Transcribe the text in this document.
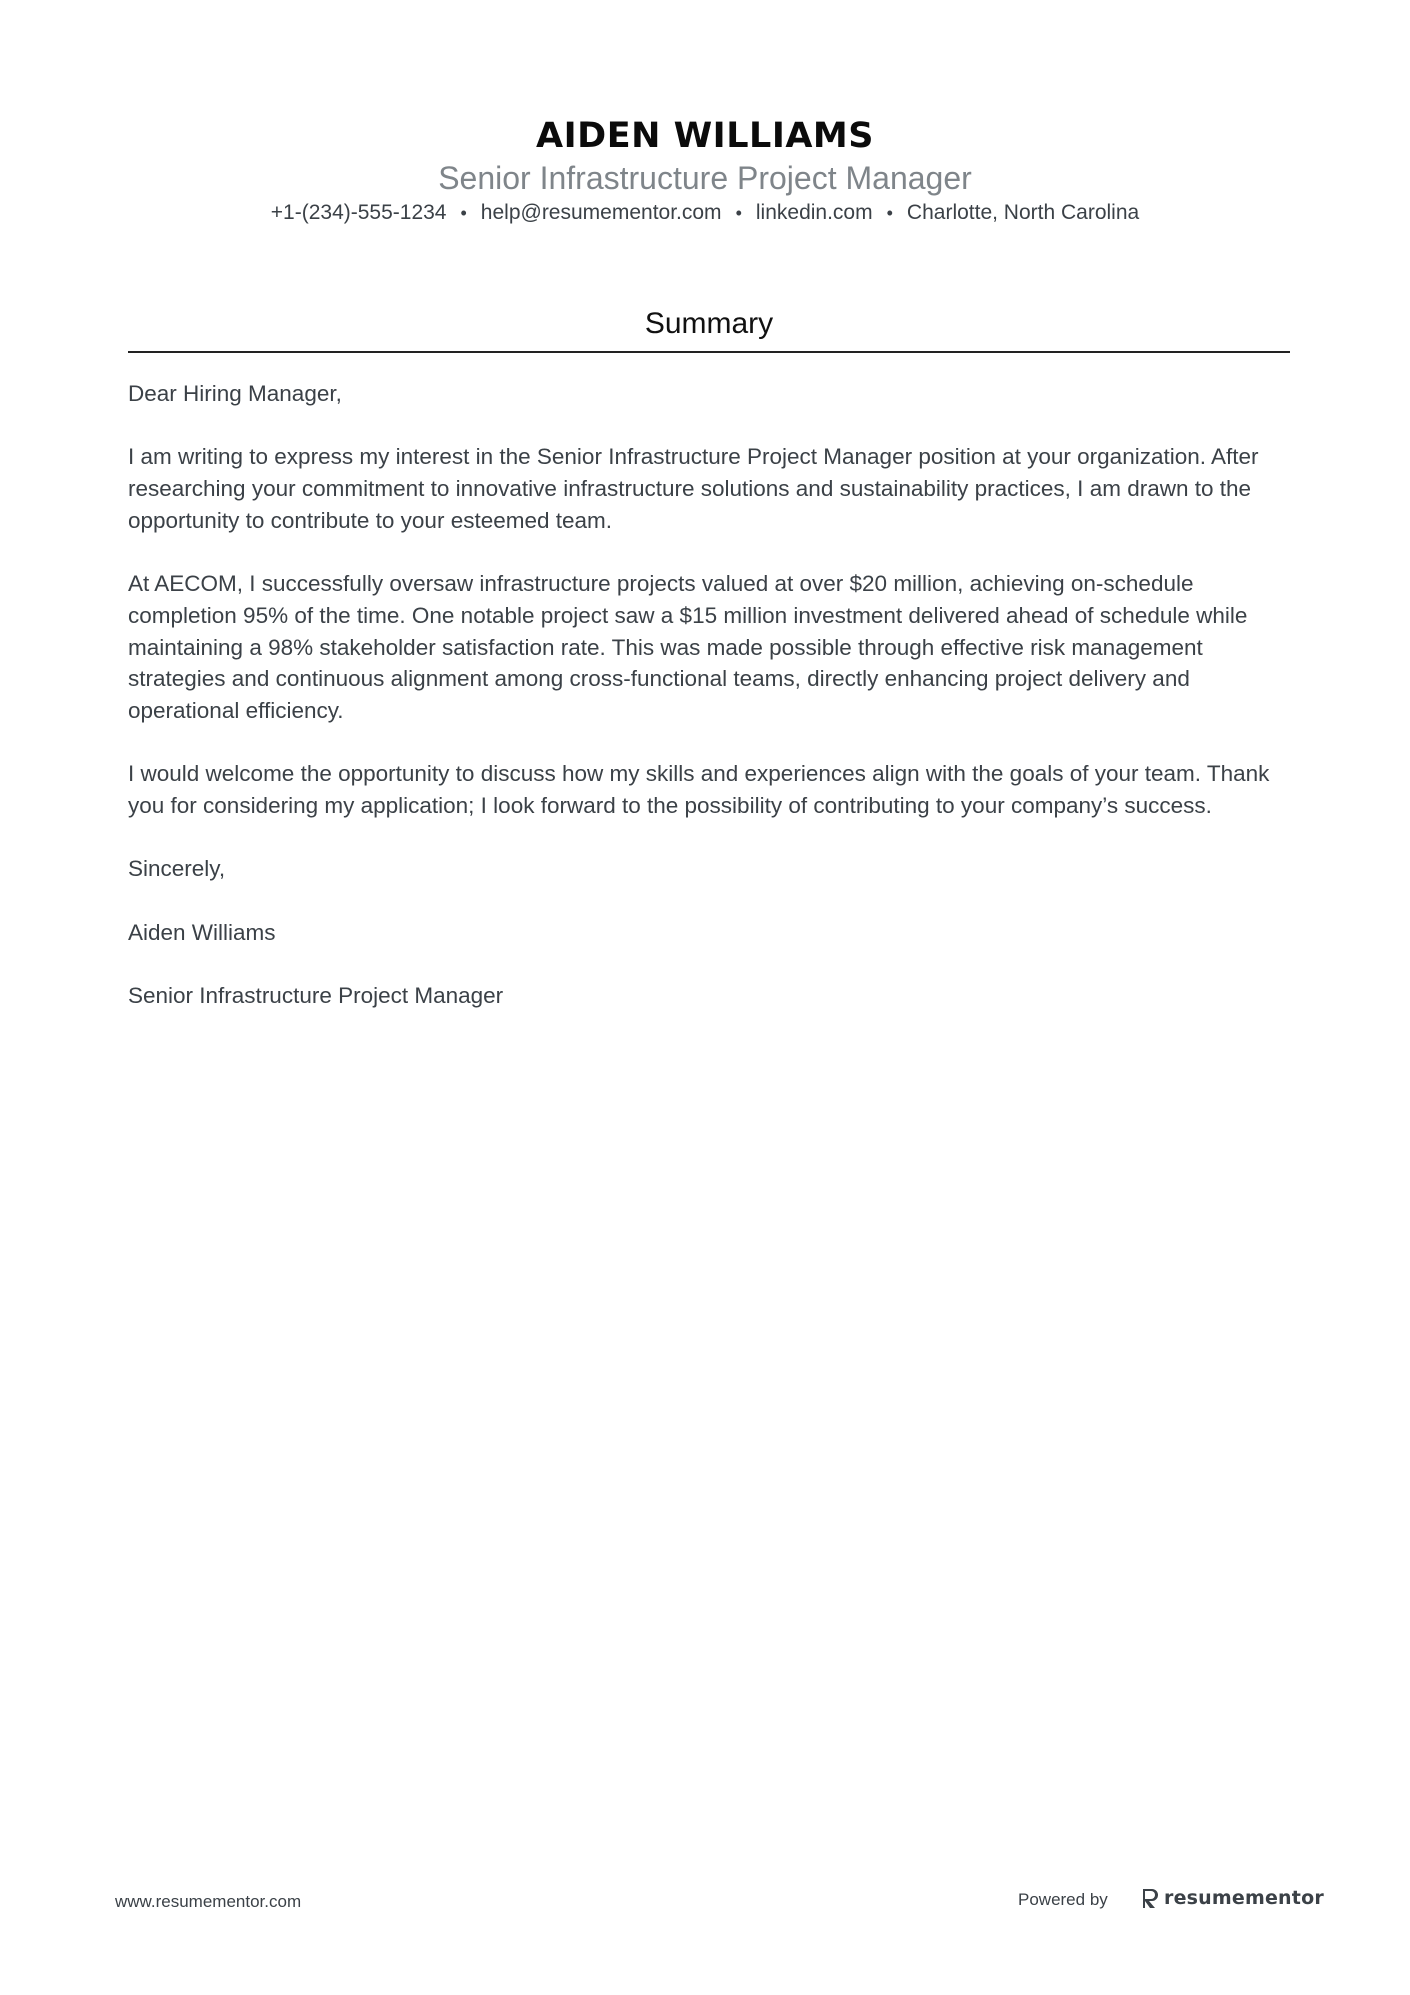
AIDEN WILLIAMS
Senior Infrastructure Project Manager
+1-(234)-555-1234 • help@resumementor.com • linkedin.com • Charlotte, North Carolina
Summary

Dear Hiring Manager,

I am writing to express my interest in the Senior Infrastructure Project Manager position at your organization. After researching your commitment to innovative infrastructure solutions and sustainability practices, I am drawn to the opportunity to contribute to your esteemed team.

At AECOM, I successfully oversaw infrastructure projects valued at over $20 million, achieving on-schedule completion 95% of the time. One notable project saw a $15 million investment delivered ahead of schedule while maintaining a 98% stakeholder satisfaction rate. This was made possible through effective risk management strategies and continuous alignment among cross-functional teams, directly enhancing project delivery and operational efficiency.

I would welcome the opportunity to discuss how my skills and experiences align with the goals of your team. Thank you for considering my application; I look forward to the possibility of contributing to your company’s success.

Sincerely,

Aiden Williams

Senior Infrastructure Project Manager

www.resumementor.com	Powered by	resumementor
